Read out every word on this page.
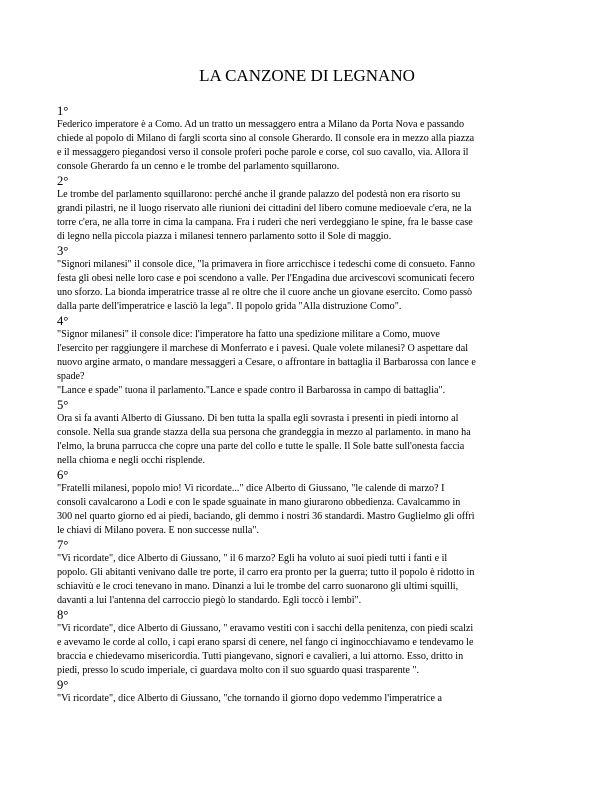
LA CANZONE DI LEGNANO

1°

Federico imperatore è a Como. Ad un tratto un messaggero entra a Milano da Porta Nova e passando
chiede al popolo di Milano di fargli scorta sino al console Gherardo. Il console era in mezzo alla piazza
e il messaggero piegandosi verso il console proferì poche parole e corse, col suo cavallo, via. Allora il
console Gherardo fa un cenno e le trombe del parlamento squillarono.

2°

Le trombe del parlamento squillarono: perché anche il grande palazzo del podestà non era risorto su
grandi pilastri, ne il luogo riservato alle riunioni dei cittadini del libero comune medioevale c'era, ne la
torre c'era, ne alla torre in cima la campana. Fra i ruderi che neri verdeggiano le spine, fra le basse case
di legno nella piccola piazza i milanesi tennero parlamento sotto il Sole di maggio.

3°

"Signori milanesi" il console dice, "la primavera in fiore arricchisce i tedeschi come di consueto. Fanno
festa gli obesi nelle loro case e poi scendono a valle. Per l'Engadina due arcivescovi scomunicati fecero
uno sforzo. La bionda imperatrice trasse al re oltre che il cuore anche un giovane esercito. Como passò
dalla parte dell'imperatrice e lasciò la lega". Il popolo grida "Alla distruzione Como".

4°

"Signor milanesi" il console dice: l'imperatore ha fatto una spedizione militare a Como, muove
l'esercito per raggiungere il marchese di Monferrato e i pavesi. Quale volete milanesi? O aspettare dal
nuovo argine armato, o mandare messaggeri a Cesare, o affrontare in battaglia il Barbarossa con lance e
spade?

"Lance e spade" tuona il parlamento."Lance e spade contro il Barbarossa in campo di battaglia".

5°

Ora si fa avanti Alberto di Giussano. Di ben tutta la spalla egli sovrasta i presenti in piedi intorno al
console. Nella sua grande stazza della sua persona che grandeggia in mezzo al parlamento. in mano ha
l'elmo, la bruna parrucca che copre una parte del collo e tutte le spalle. Il Sole batte sull'onesta faccia
nella chioma e negli occhi risplende.

6°

"Fratelli milanesi, popolo mio! Vi ricordate..." dice Alberto di Giussano, "le calende di marzo? I
consoli cavalcarono a Lodi e con le spade sguainate in mano giurarono obbedienza. Cavalcammo in
300 nel quarto giorno ed ai piedi, baciando, gli demmo i nostri 36 standardi. Mastro Guglielmo gli offrì
le chiavi di Milano povera. E non successe nulla".

7°

"Vi ricordate", dice Alberto di Giussano, " il 6 marzo? Egli ha voluto ai suoi piedi tutti i fanti e il
popolo. Gli abitanti venivano dalle tre porte, il carro era pronto per la guerra; tutto il popolo è ridotto in
schiavitù e le croci tenevano in mano. Dinanzi a lui le trombe del carro suonarono gli ultimi squilli,
davanti a lui l'antenna del carroccio piegò lo standardo. Egli toccò i lembi".

8°

"Vi ricordate", dice Alberto di Giussano, " eravamo vestiti con i sacchi della penitenza, con piedi scalzi
e avevamo le corde al collo, i capi erano sparsi di cenere, nel fango ci inginocchiavamo e tendevamo le
braccia e chiedevamo misericordia. Tutti piangevano, signori e cavalieri, a lui attorno. Esso, dritto in
piedi, presso lo scudo imperiale, ci guardava molto con il suo sguardo quasi trasparente ".

9°

"Vi ricordate", dice Alberto di Giussano, "che tornando il giorno dopo vedemmo l'imperatrice a
